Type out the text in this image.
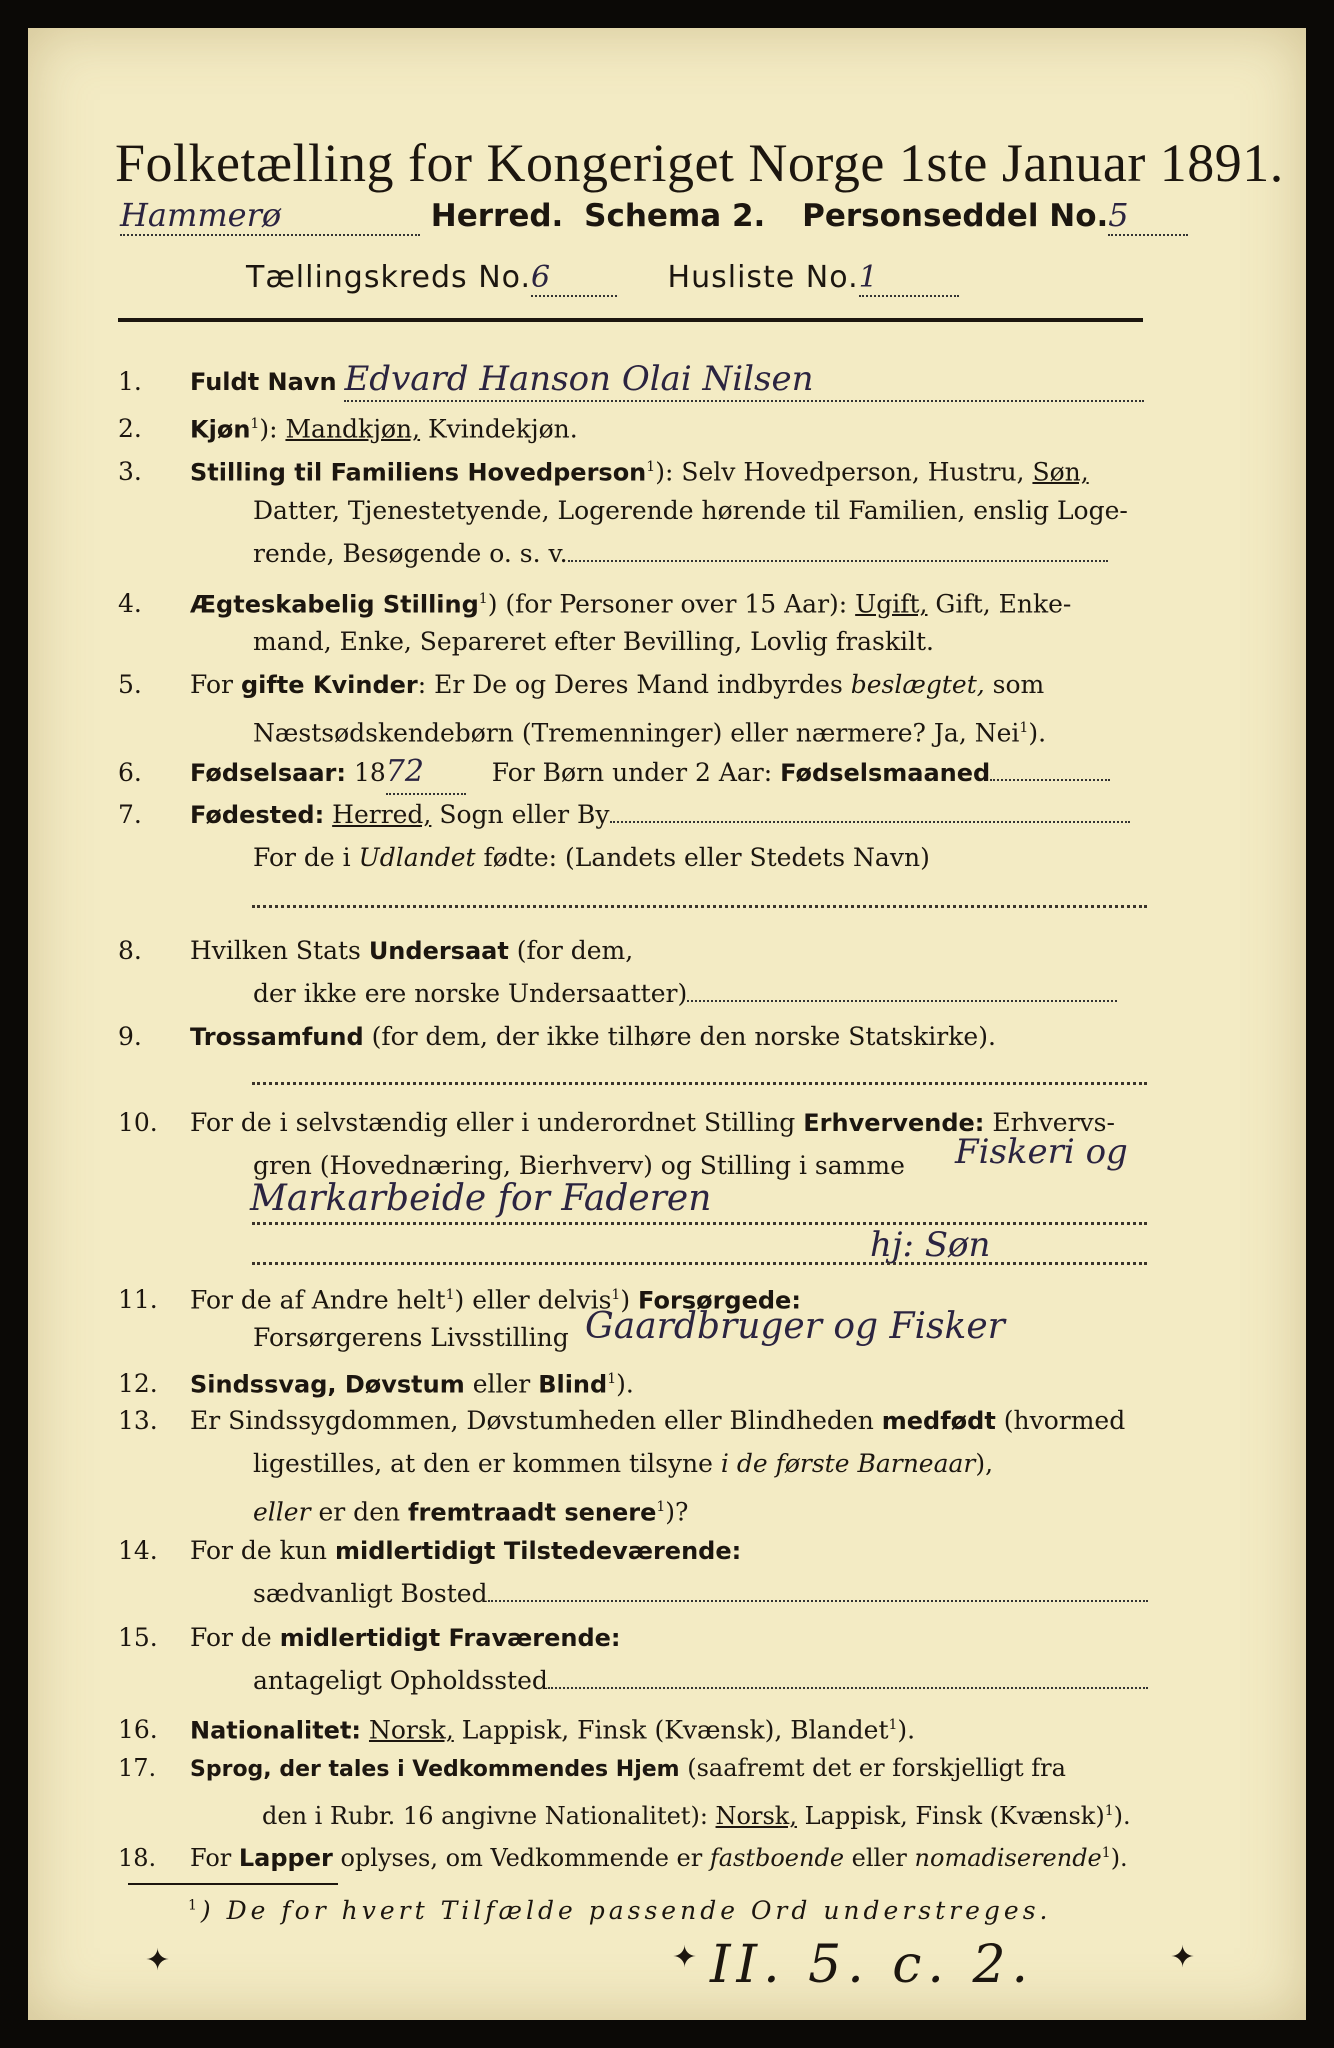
Folketælling for Kongeriget Norge 1ste Januar 1891.
Hammerø	Herred. Schema 2. Personseddel No.5
Tællingskreds No.6	Husliste No.1
1. Fuldt Navn Edvard Hanson Olai Nilsen
2. Kjøn$^1$): Mandkjøn, Kvindekjøn.
3. Stilling til Familiens Hovedperson$^1$): Selv Hovedperson, Hustru, Søn,
Datter, Tjenestetyende, Logerende hørende til Familien, enslig Loge-
rende, Besøgende o. s. v.
4. Ægteskabelig Stilling$^1$) (for Personer over 15 Aar): Ugift, Gift, Enke-
mand, Enke, Separeret efter Bevilling, Lovlig fraskilt.
5. For gifte Kvinder: Er De og Deres Mand indbyrdes beslægtet, som
Næstsødskendebørn (Tremenninger) eller nærmere? Ja, Nei$^1$).
6. Fødselsaar: 1872	For Børn under 2 Aar: Fødselsmaaned
7. Fødested: Herred, Sogn eller By
For de i Udlandet fødte: (Landets eller Stedets Navn)
8. Hvilken Stats Undersaat (for dem,
der ikke ere norske Undersaatter)
9. Trossamfund (for dem, der ikke tilhøre den norske Statskirke).
10. For de i selvstændig eller i underordnet Stilling Erhvervende: Erhvervs-
gren (Hovednæring, Bierhverv) og Stilling i samme	Fiskeri og
Markarbeide for Faderen
hj: Søn
11. For de af Andre helt$^1$) eller delvis$^1$) Forsørgede:
Forsørgerens Livsstilling Gaardbruger og Fisker
12. Sindssvag, Døvstum eller Blind$^1$).
13. Er Sindssygdommen, Døvstumheden eller Blindheden medfødt (hvormed
ligestilles, at den er kommen tilsyne i de første Barneaar),
eller er den fremtraadt senere$^1$)?
14. For de kun midlertidigt Tilstedeværende:
sædvanligt Bosted
15. For de midlertidigt Fraværende:
antageligt Opholdssted
16. Nationalitet: Norsk, Lappisk, Finsk (Kvænsk), Blandet$^1$).
17. Sprog, der tales i Vedkommendes Hjem (saafremt det er forskjelligt fra
den i Rubr. 16 angivne Nationalitet): Norsk, Lappisk, Finsk (Kvænsk)$^1$).
18. For Lapper oplyses, om Vedkommende er fastboende eller nomadiserende$^1$).
$^1$) De for hvert Tilfælde passende Ord understreges.
✦	✦	✦
II. 5. c. 2.
